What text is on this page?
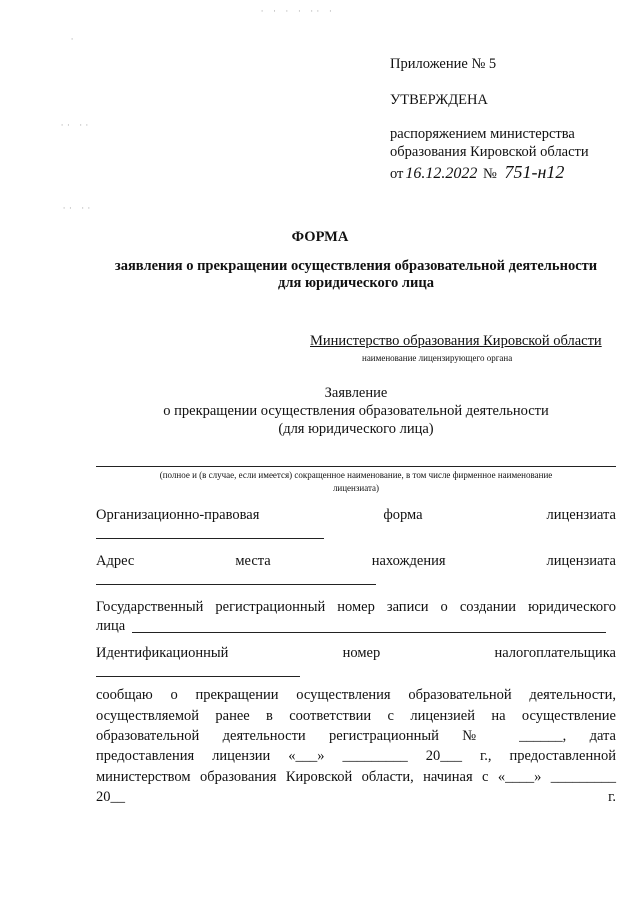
· · · · ·· ·
·
·· ··
·· ··
Приложение № 5
УТВЕРЖДЕНА
распоряжением министерства
образования Кировской области
от 16.12.2022 № 751-н12
ФОРМА
заявления о прекращении осуществления образовательной деятельности
для юридического лица
Министерство образования Кировской области
наименование лицензирующего органа
Заявление
о прекращении осуществления образовательной деятельности
(для юридического лица)
(полное и (в случае, если имеется) сокращенное наименование, в том числе фирменное наименование
лицензиата)
Организационно-правовая	форма	лицензиата
Адрес	места	нахождения	лицензиата
Государственный регистрационный номер записи о создании юридического
лица
Идентификационный	номер	налогоплательщика
сообщаю о прекращении осуществления образовательной деятельности,
осуществляемой ранее в соответствии с лицензией на осуществление
образовательной деятельности регистрационный № ______, дата
предоставления лицензии «___» _________ 20___ г., предоставленной
министерством образования Кировской области, начиная с «____» _________
20__	г.
